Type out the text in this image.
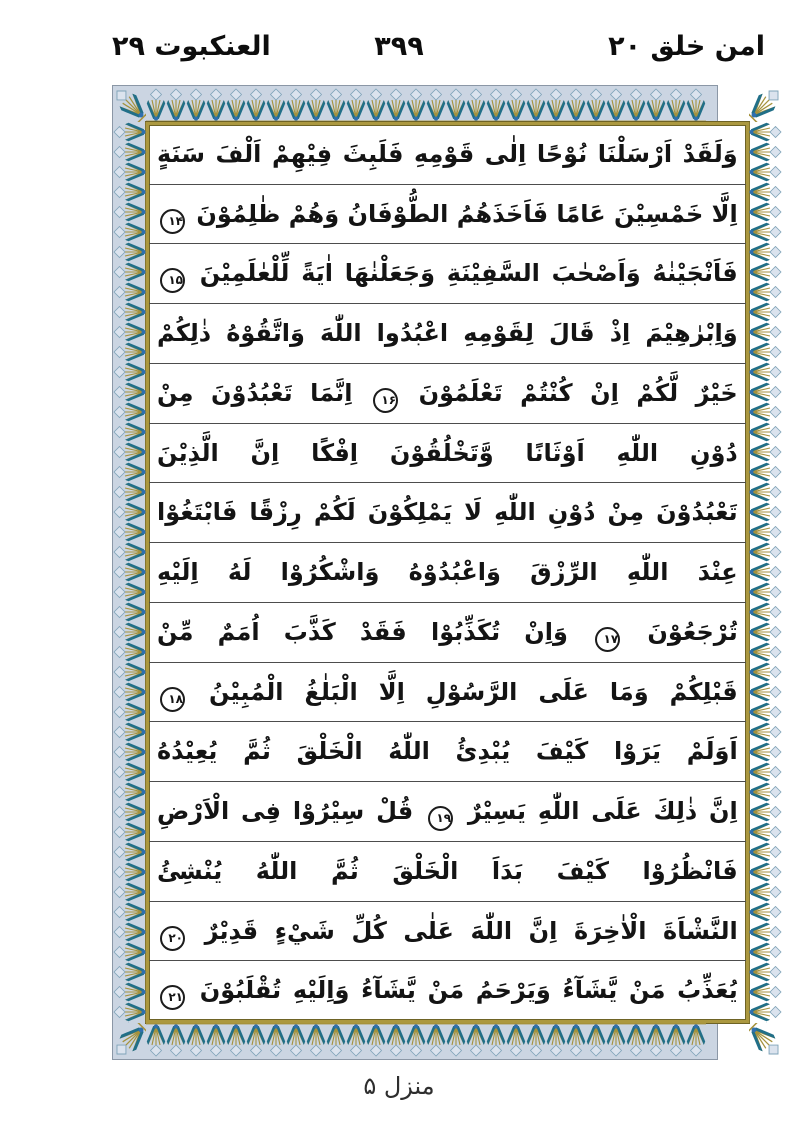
امن خلق ۲۰
۳۹۹
العنكبوت ۲۹
وَلَقَدْ اَرْسَلْنَا نُوْحًا اِلٰى قَوْمِهِ فَلَبِثَ فِيْهِمْ اَلْفَ سَنَةٍ
اِلَّا خَمْسِيْنَ عَامًا فَاَخَذَهُمُ الطُّوْفَانُ وَهُمْ ظٰلِمُوْنَ ۱۴
فَاَنْجَيْنٰهُ وَاَصْحٰبَ السَّفِيْنَةِ وَجَعَلْنٰهَا اٰيَةً لِّلْعٰلَمِيْنَ ۱۵
وَاِبْرٰهِيْمَ اِذْ قَالَ لِقَوْمِهِ اعْبُدُوا اللّٰهَ وَاتَّقُوْهُ ذٰلِكُمْ
خَيْرٌ لَّكُمْ اِنْ كُنْتُمْ تَعْلَمُوْنَ ۱۶ اِنَّمَا تَعْبُدُوْنَ مِنْ
دُوْنِ اللّٰهِ اَوْثَانًا وَّتَخْلُقُوْنَ اِفْكًا اِنَّ الَّذِيْنَ
تَعْبُدُوْنَ مِنْ دُوْنِ اللّٰهِ لَا يَمْلِكُوْنَ لَكُمْ رِزْقًا فَابْتَغُوْا
عِنْدَ اللّٰهِ الرِّزْقَ وَاعْبُدُوْهُ وَاشْكُرُوْا لَهُ اِلَيْهِ
تُرْجَعُوْنَ ۱۷ وَاِنْ تُكَذِّبُوْا فَقَدْ كَذَّبَ اُمَمٌ مِّنْ
قَبْلِكُمْ وَمَا عَلَى الرَّسُوْلِ اِلَّا الْبَلٰغُ الْمُبِيْنُ ۱۸
اَوَلَمْ يَرَوْا كَيْفَ يُبْدِئُ اللّٰهُ الْخَلْقَ ثُمَّ يُعِيْدُهُ
اِنَّ ذٰلِكَ عَلَى اللّٰهِ يَسِيْرٌ ۱۹ قُلْ سِيْرُوْا فِى الْاَرْضِ
فَانْظُرُوْا كَيْفَ بَدَاَ الْخَلْقَ ثُمَّ اللّٰهُ يُنْشِئُ
النَّشْاَةَ الْاٰخِرَةَ اِنَّ اللّٰهَ عَلٰى كُلِّ شَيْءٍ قَدِيْرٌ ۲۰
يُعَذِّبُ مَنْ يَّشَآءُ وَيَرْحَمُ مَنْ يَّشَآءُ وَاِلَيْهِ تُقْلَبُوْنَ ۲۱
منزل ۵
